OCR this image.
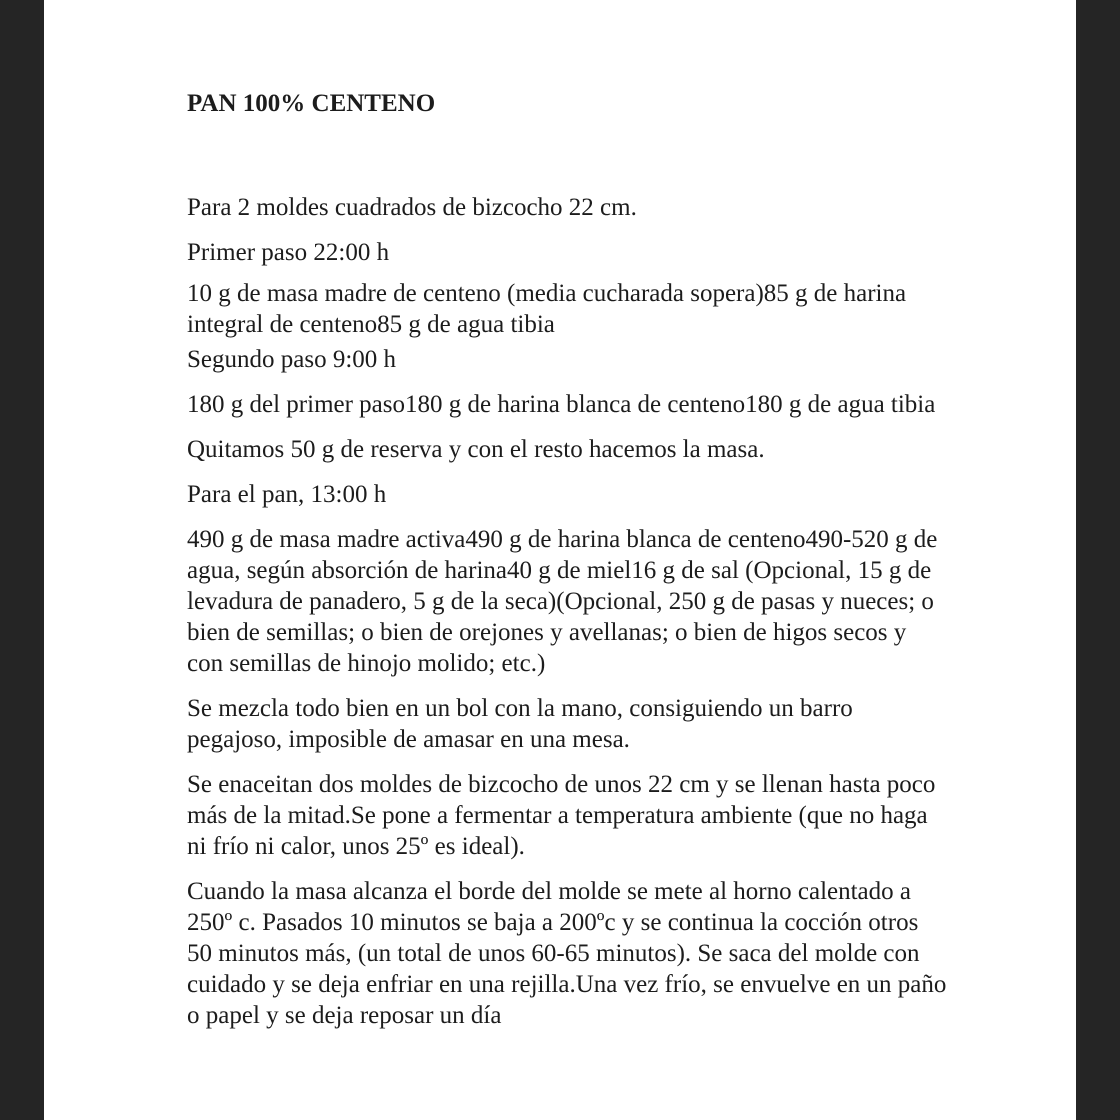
PAN 100% CENTENO

Para 2 moldes cuadrados de bizcocho 22 cm.

Primer paso 22:00 h

10 g de masa madre de centeno (media cucharada sopera)85 g de harina integral de centeno85 g de agua tibia

Segundo paso 9:00 h

180 g del primer paso180 g de harina blanca de centeno180 g de agua tibia

Quitamos 50 g de reserva y con el resto hacemos la masa.

Para el pan, 13:00 h

490 g de masa madre activa490 g de harina blanca de centeno490-520 g de agua, según absorción de harina40 g de miel16 g de sal (Opcional, 15 g de levadura de panadero, 5 g de la seca)(Opcional, 250 g de pasas y nueces; o bien de semillas; o bien de orejones y avellanas; o bien de higos secos y con semillas de hinojo molido; etc.)

Se mezcla todo bien en un bol con la mano, consiguiendo un barro pegajoso, imposible de amasar en una mesa.

Se enaceitan dos moldes de bizcocho de unos 22 cm y se llenan hasta poco más de la mitad.Se pone a fermentar a temperatura ambiente (que no haga ni frío ni calor, unos 25º es ideal).

Cuando la masa alcanza el borde del molde se mete al horno calentado a 250º c. Pasados 10 minutos se baja a 200ºc y se continua la cocción otros 50 minutos más, (un total de unos 60-65 minutos). Se saca del molde con cuidado y se deja enfriar en una rejilla.Una vez frío, se envuelve en un paño o papel y se deja reposar un día
